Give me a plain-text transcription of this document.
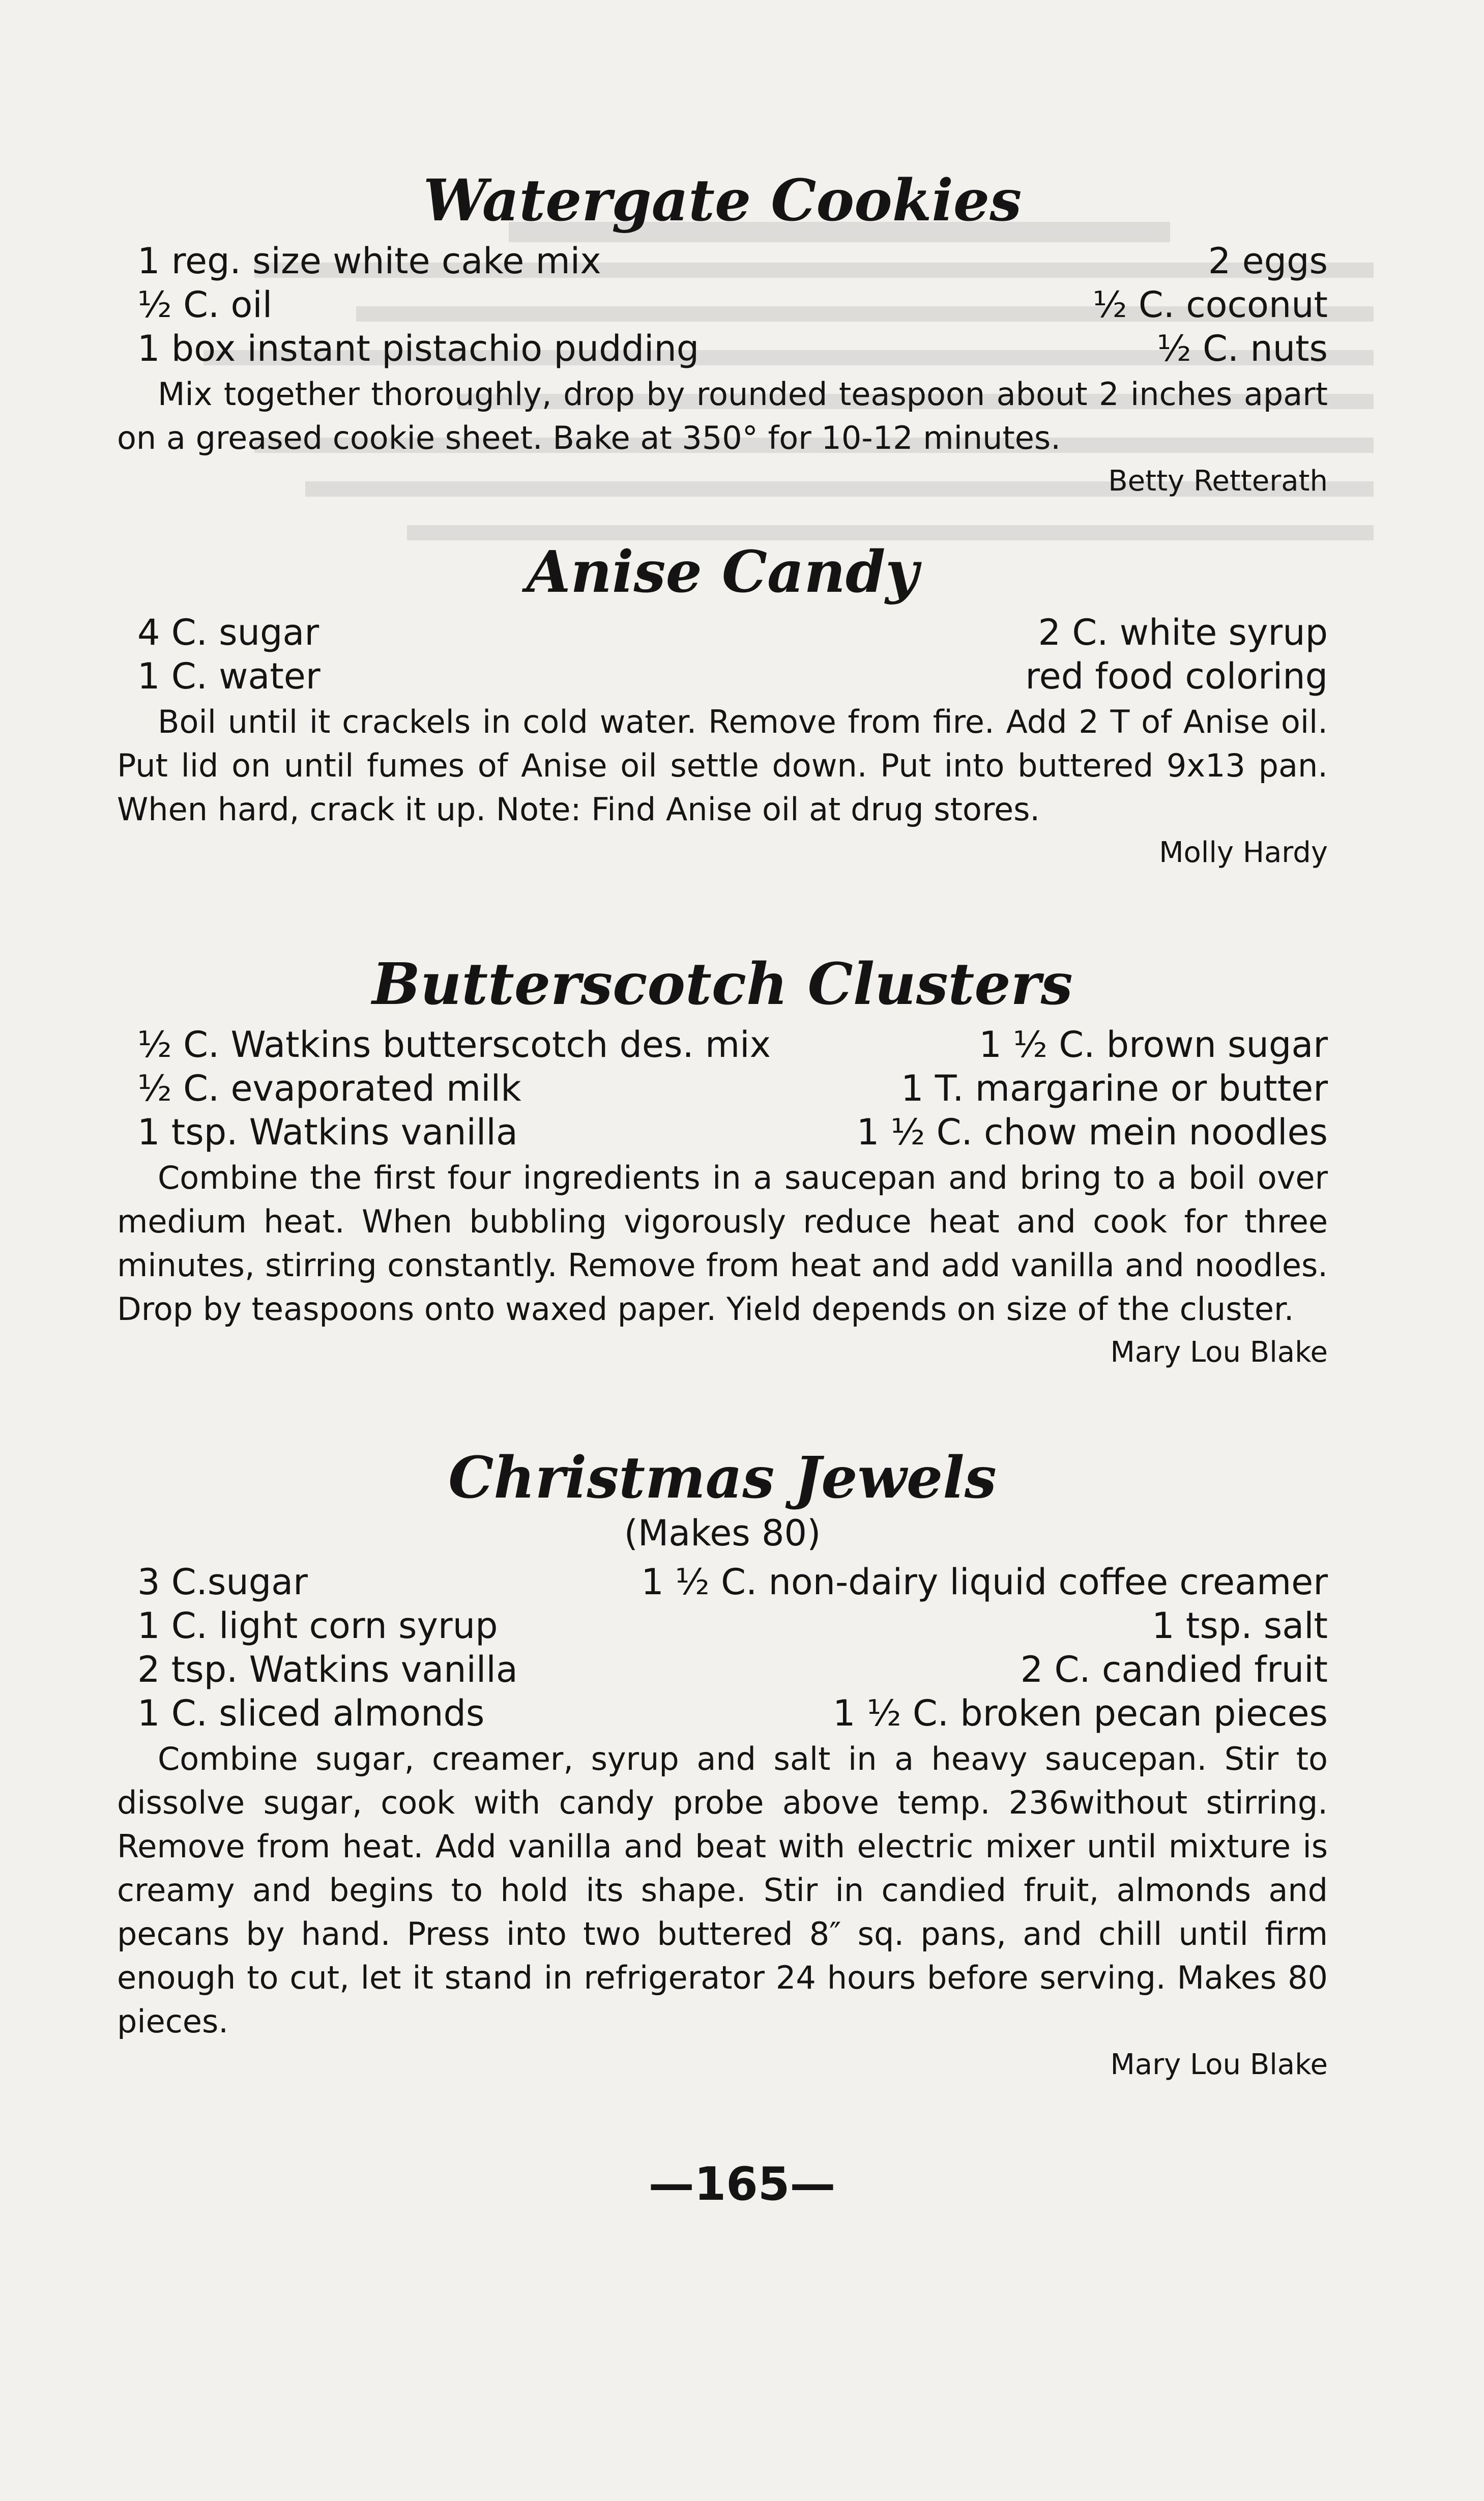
Watergate Cookies
1 reg. size white cake mix
½ C. oil
1 box instant pistachio pudding
2 eggs
½ C. coconut
½ C. nuts

Mix together thoroughly, drop by rounded teaspoon about 2 inches apart on a greased cookie sheet. Bake at 350° for 10-12 minutes.

Betty Retterath
Anise Candy
4 C. sugar
1 C. water
2 C. white syrup
red food coloring

Boil until it crackels in cold water. Remove from fire. Add 2 T of Anise oil. Put lid on until fumes of Anise oil settle down. Put into buttered 9x13 pan. When hard, crack it up. Note: Find Anise oil at drug stores.

Molly Hardy
Butterscotch Clusters
½ C. Watkins butterscotch des. mix
½ C. evaporated milk
1 tsp. Watkins vanilla
1 ½ C. brown sugar
1 T. margarine or butter
1 ½ C. chow mein noodles

Combine the first four ingredients in a saucepan and bring to a boil over medium heat. When bubbling vigorously reduce heat and cook for three minutes, stirring constantly. Remove from heat and add vanilla and noodles. Drop by teaspoons onto waxed paper. Yield depends on size of the cluster.

Mary Lou Blake
Christmas Jewels
(Makes 80)
3 C.sugar
1 C. light corn syrup
2 tsp. Watkins vanilla
1 C. sliced almonds
1 ½ C. non-dairy liquid coffee creamer
1 tsp. salt
2 C. candied fruit
1 ½ C. broken pecan pieces

Combine sugar, creamer, syrup and salt in a heavy saucepan. Stir to dissolve sugar, cook with candy probe above temp. 236without stirring. Remove from heat. Add vanilla and beat with electric mixer until mixture is creamy and begins to hold its shape. Stir in candied fruit, almonds and pecans by hand. Press into two buttered 8″ sq. pans, and chill until firm enough to cut, let it stand in refrigerator 24 hours before serving. Makes 80 pieces.

Mary Lou Blake
—165—
